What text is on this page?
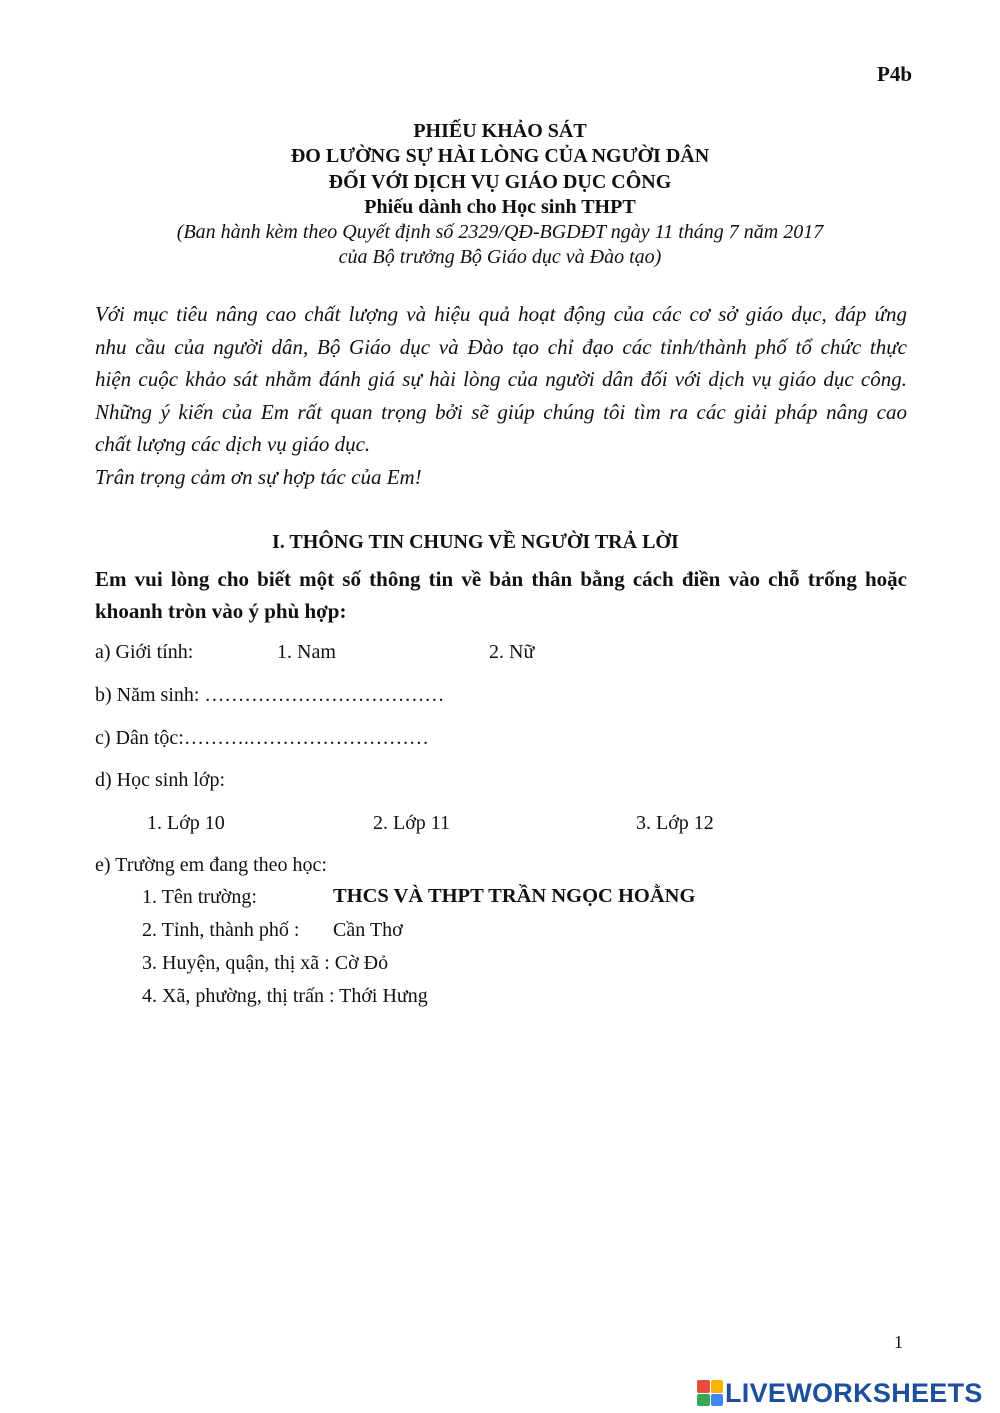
P4b
PHIẾU KHẢO SÁT
ĐO LƯỜNG SỰ HÀI LÒNG CỦA NGƯỜI DÂN
ĐỐI VỚI DỊCH VỤ GIÁO DỤC CÔNG
Phiếu dành cho Học sinh THPT
(Ban hành kèm theo Quyết định số 2329/QĐ-BGDĐT ngày 11 tháng 7 năm 2017
của Bộ trưởng Bộ Giáo dục và Đào tạo)

Với mục tiêu nâng cao chất lượng và hiệu quả hoạt động của các cơ sở giáo dục, đáp ứng

nhu cầu của người dân, Bộ Giáo dục và Đào tạo chỉ đạo các tỉnh/thành phố tổ chức thực

hiện cuộc khảo sát nhằm đánh giá sự hài lòng của người dân đối với dịch vụ giáo dục công.

Những ý kiến của Em rất quan trọng bởi sẽ giúp chúng tôi tìm ra các giải pháp nâng cao

chất lượng các dịch vụ giáo dục.

Trân trọng cảm ơn sự hợp tác của Em!

I. THÔNG TIN CHUNG VỀ NGƯỜI TRẢ LỜI

Em vui lòng cho biết một số thông tin về bản thân bằng cách điền vào chỗ trống hoặc

khoanh tròn vào ý phù hợp:

a) Giới tính:	1. Nam	2. Nữ
b) Năm sinh: ………………………………
c) Dân tộc:……….………………………
d) Học sinh lớp:
1. Lớp 10	2. Lớp 11	3. Lớp 12
e) Trường em đang theo học:
1. Tên trường:	THCS VÀ THPT TRẦN NGỌC HOẰNG
2. Tỉnh, thành phố : Cần Thơ
3. Huyện, quận, thị xã : Cờ Đỏ
4. Xã, phường, thị trấn : Thới Hưng
1
LIVEWORKSHEETS
